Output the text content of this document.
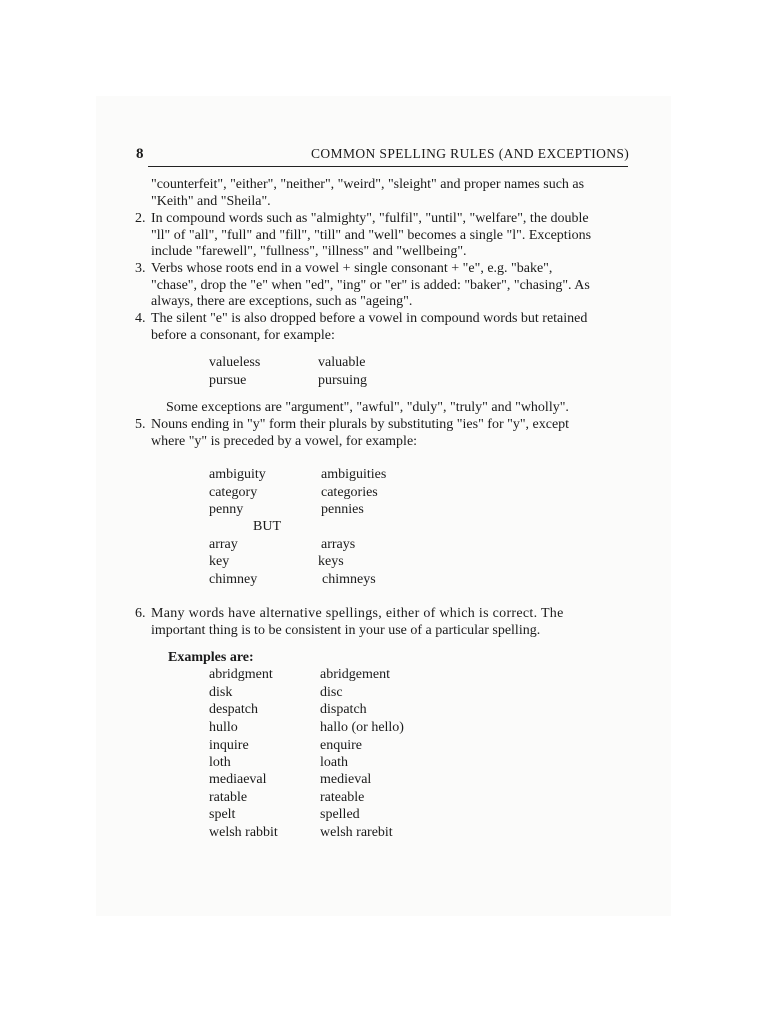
8	COMMON SPELLING RULES (AND EXCEPTIONS)
"counterfeit", "either", "neither", "weird", "sleight" and proper names such as
"Keith" and "Sheila".
2. In compound words such as "almighty", "fulfil", "until", "welfare", the double
"ll" of "all", "full" and "fill", "till" and "well" becomes a single "l". Exceptions
include "farewell", "fullness", "illness" and "wellbeing".
3. Verbs whose roots end in a vowel + single consonant + "e", e.g. "bake",
"chase", drop the "e" when "ed", "ing" or "er" is added: "baker", "chasing". As
always, there are exceptions, such as "ageing".
4. The silent "e" is also dropped before a vowel in compound words but retained
before a consonant, for example:
valueless	valuable
pursue	pursuing
Some exceptions are "argument", "awful", "duly", "truly" and "wholly".
5. Nouns ending in "y" form their plurals by substituting "ies" for "y", except
where "y" is preceded by a vowel, for example:
ambiguity	ambiguities
category	categories
penny	pennies
BUT
array	arrays
key	keys
chimney	chimneys
6. Many words have alternative spellings, either of which is correct. The
important thing is to be consistent in your use of a particular spelling.
Examples are:
abridgment	abridgement
disk	disc
despatch	dispatch
hullo	hallo (or hello)
inquire	enquire
loth	loath
mediaeval	medieval
ratable	rateable
spelt	spelled
welsh rabbit	welsh rarebit
